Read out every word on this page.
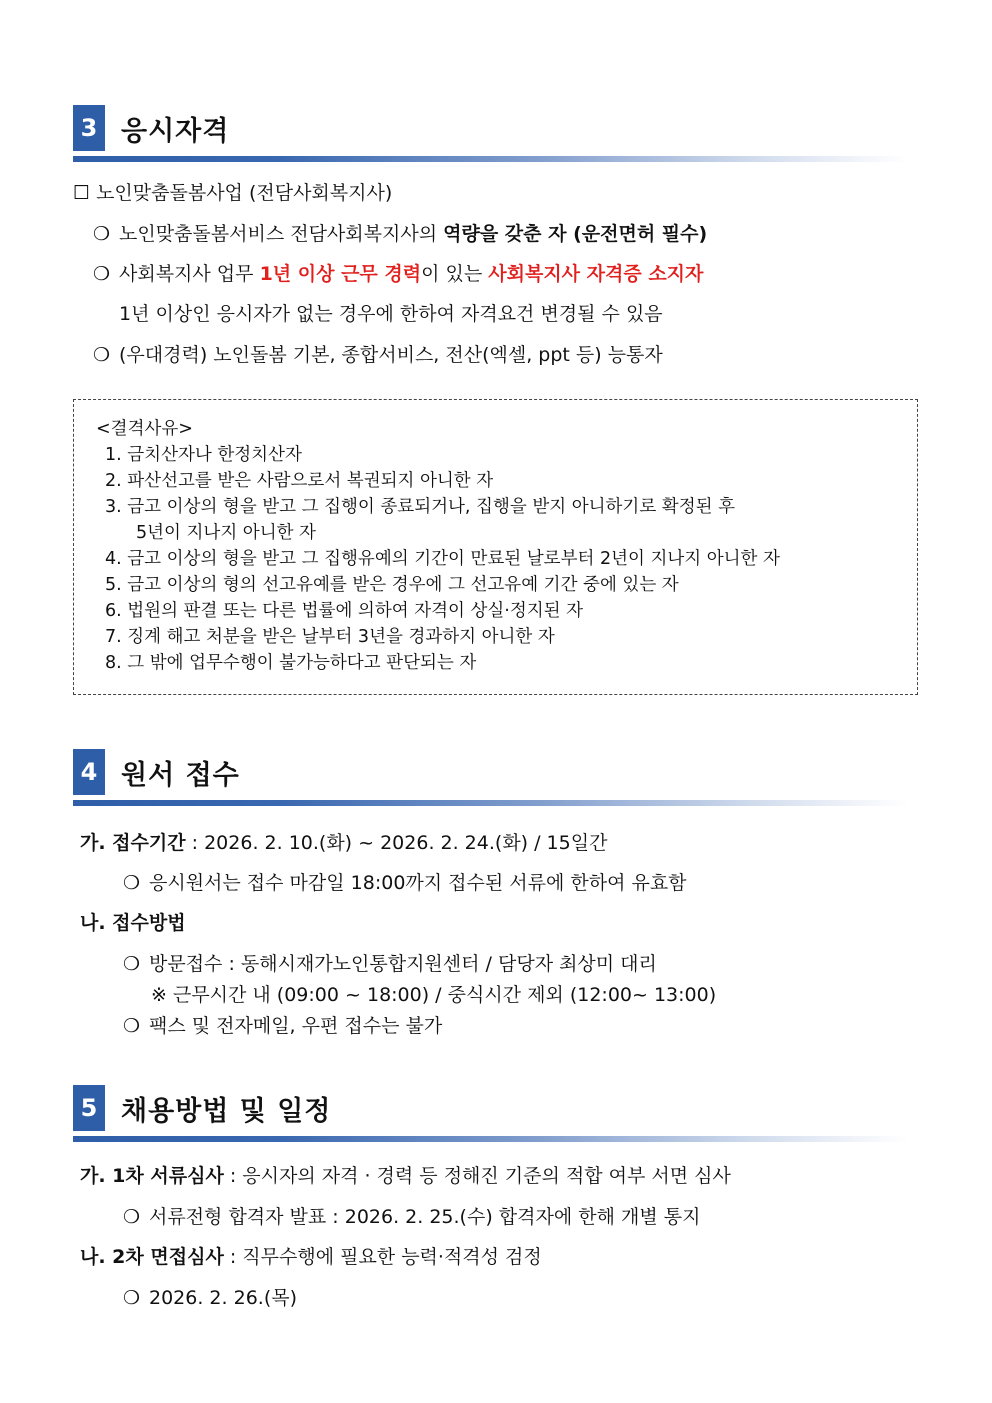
3 응시자격
☐ 노인맞춤돌봄사업 (전담사회복지사)
❍ 노인맞춤돌봄서비스 전담사회복지사의 역량을 갖춘 자 (운전면허 필수)
❍ 사회복지사 업무 1년 이상 근무 경력이 있는 사회복지사 자격증 소지자
1년 이상인 응시자가 없는 경우에 한하여 자격요건 변경될 수 있음
❍ (우대경력) 노인돌봄 기본, 종합서비스, 전산(엑셀, ppt 등) 능통자
<결격사유>
1. 금치산자나 한정치산자
2. 파산선고를 받은 사람으로서 복권되지 아니한 자
3. 금고 이상의 형을 받고 그 집행이 종료되거나, 집행을 받지 아니하기로 확정된 후
5년이 지나지 아니한 자
4. 금고 이상의 형을 받고 그 집행유예의 기간이 만료된 날로부터 2년이 지나지 아니한 자
5. 금고 이상의 형의 선고유예를 받은 경우에 그 선고유예 기간 중에 있는 자
6. 법원의 판결 또는 다른 법률에 의하여 자격이 상실·정지된 자
7. 징계 해고 처분을 받은 날부터 3년을 경과하지 아니한 자
8. 그 밖에 업무수행이 불가능하다고 판단되는 자
4 원서 접수
가. 접수기간 : 2026. 2. 10.(화) ~ 2026. 2. 24.(화) / 15일간
❍ 응시원서는 접수 마감일 18:00까지 접수된 서류에 한하여 유효함
나. 접수방법
❍ 방문접수 : 동해시재가노인통합지원센터 / 담당자 최상미 대리
※ 근무시간 내 (09:00 ~ 18:00) / 중식시간 제외 (12:00~ 13:00)
❍ 팩스 및 전자메일, 우편 접수는 불가
5 채용방법 및 일정
가. 1차 서류심사 : 응시자의 자격 · 경력 등 정해진 기준의 적합 여부 서면 심사
❍ 서류전형 합격자 발표 : 2026. 2. 25.(수) 합격자에 한해 개별 통지
나. 2차 면접심사 : 직무수행에 필요한 능력·적격성 검정
❍ 2026. 2. 26.(목)
